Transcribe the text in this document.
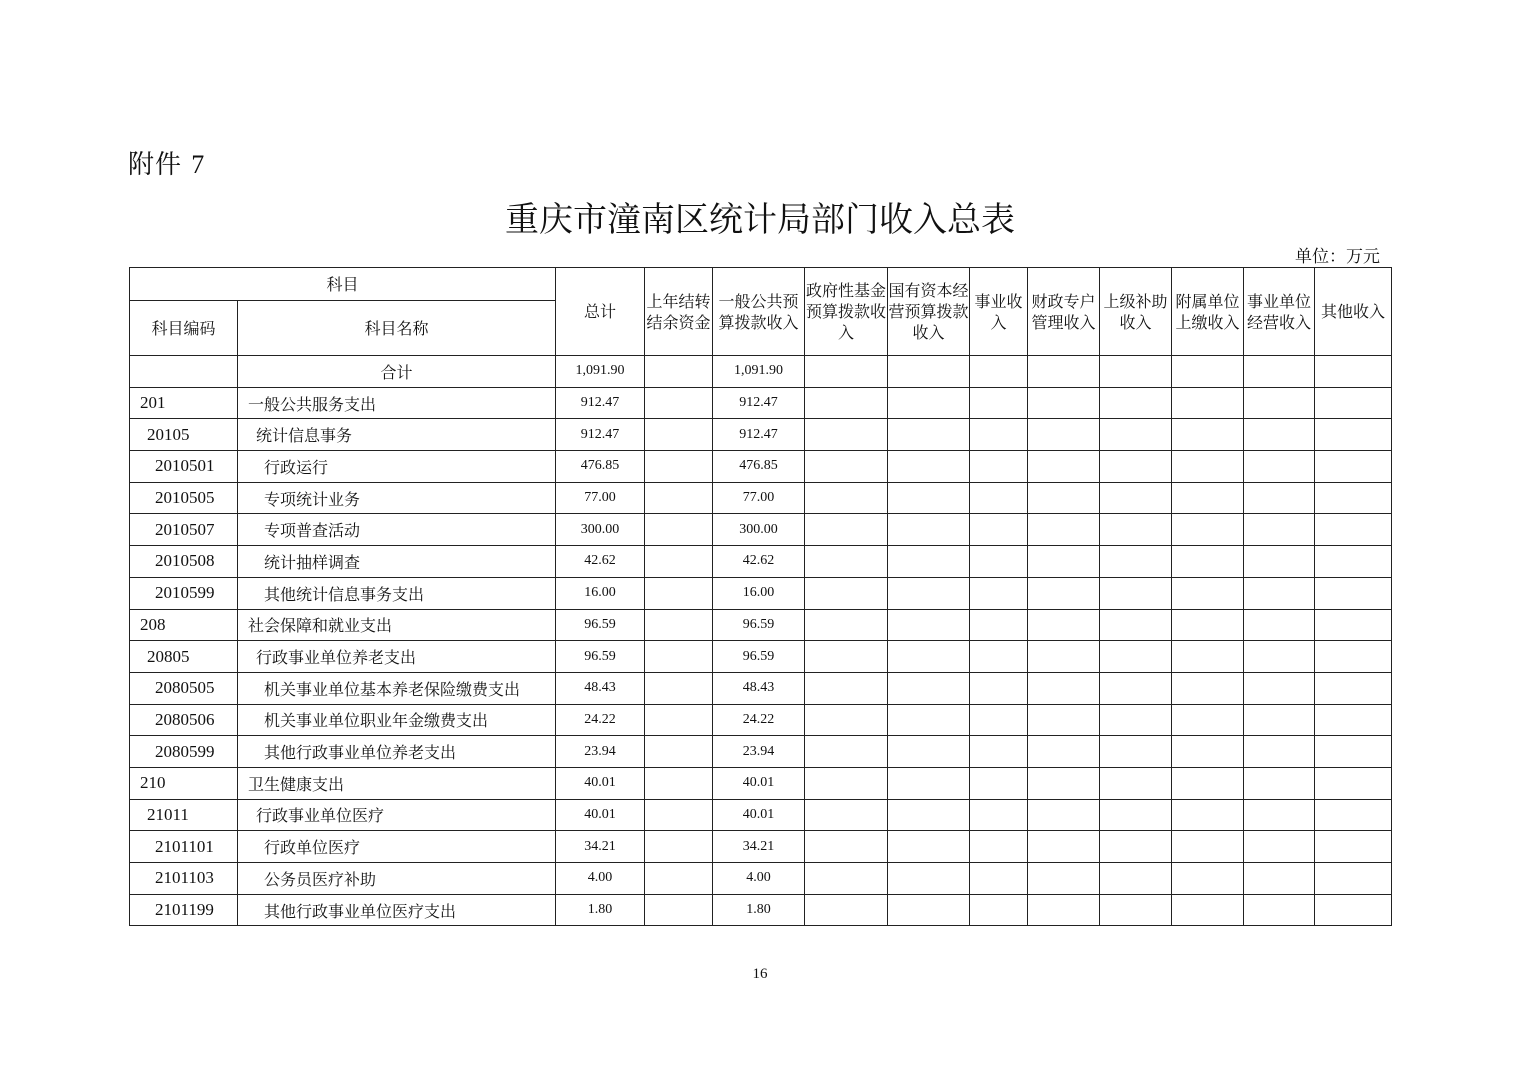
附件 7
重庆市潼南区统计局部门收入总表
单位：万元
科目		总计	上年结转结余资金	一般公共预算拨款收入	政府性基金预算拨款收入	国有资本经营预算拨款收入	事业收入	财政专户管理收入	上级补助收入	附属单位上缴收入	事业单位经营收入	其他收入
科目编码	科目名称											
	合计	1,091.90		1,091.90								
201	一般公共服务支出	912.47		912.47								
20105	统计信息事务	912.47		912.47								
2010501	行政运行	476.85		476.85								
2010505	专项统计业务	77.00		77.00								
2010507	专项普查活动	300.00		300.00								
2010508	统计抽样调查	42.62		42.62								
2010599	其他统计信息事务支出	16.00		16.00								
208	社会保障和就业支出	96.59		96.59								
20805	行政事业单位养老支出	96.59		96.59								
2080505	机关事业单位基本养老保险缴费支出	48.43		48.43								
2080506	机关事业单位职业年金缴费支出	24.22		24.22								
2080599	其他行政事业单位养老支出	23.94		23.94								
210	卫生健康支出	40.01		40.01								
21011	行政事业单位医疗	40.01		40.01								
2101101	行政单位医疗	34.21		34.21								
2101103	公务员医疗补助	4.00		4.00								
2101199	其他行政事业单位医疗支出	1.80		1.80								
16
